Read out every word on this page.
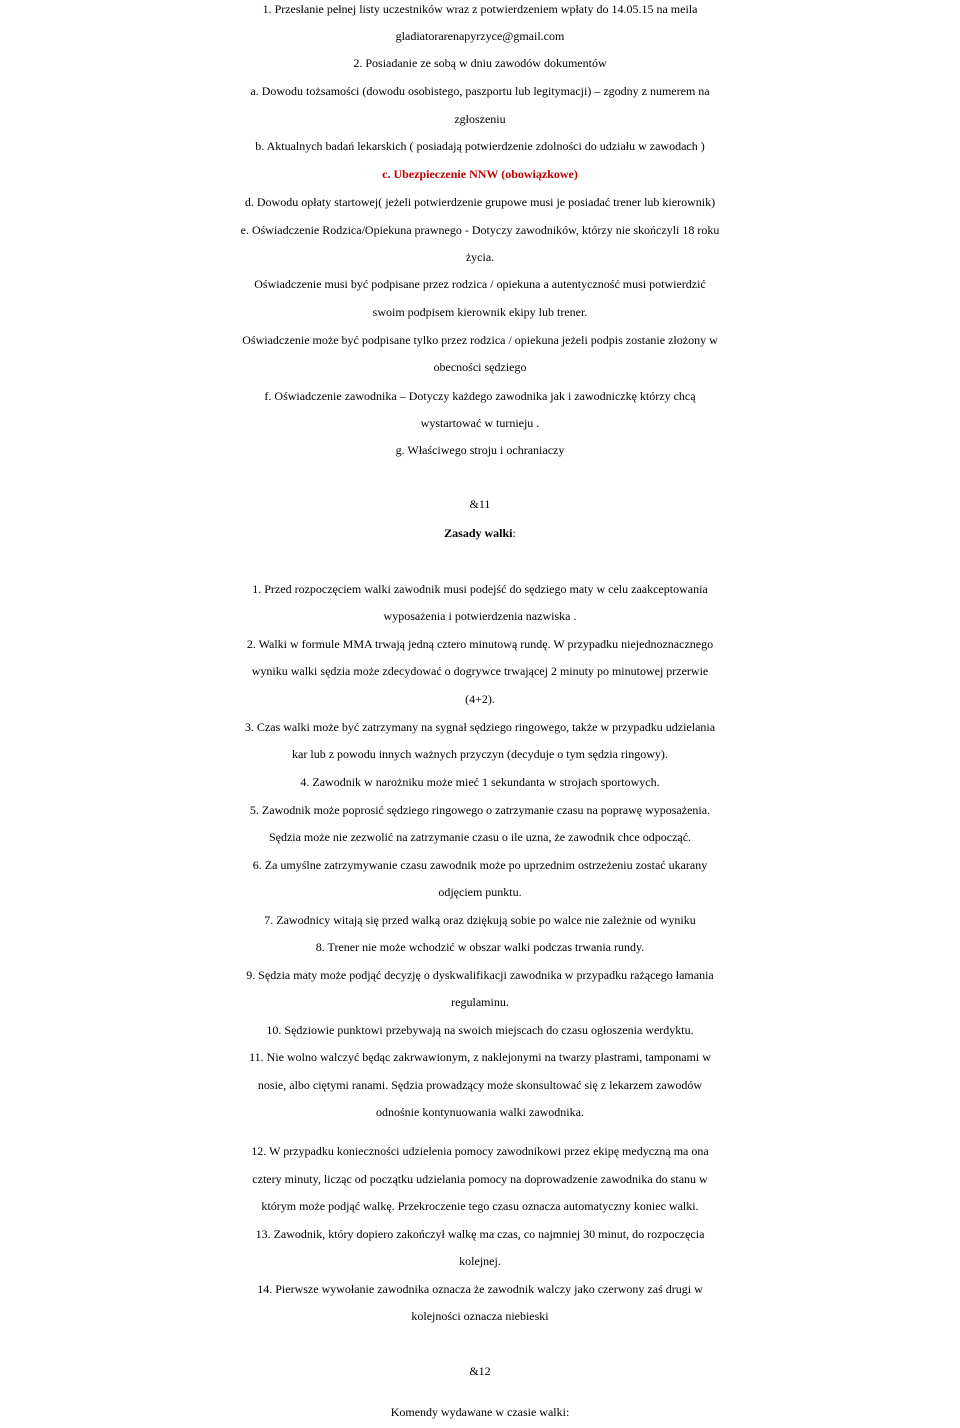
1. Przesłanie pełnej listy uczestników wraz z potwierdzeniem wpłaty do 14.05.15 na meila
gladiatorarenapyrzyce@gmail.com
2. Posiadanie ze sobą w dniu zawodów dokumentów
a. Dowodu tożsamości (dowodu osobistego, paszportu lub legitymacji) – zgodny z numerem na
zgłoszeniu
b. Aktualnych badań lekarskich ( posiadają potwierdzenie zdolności do udziału w zawodach )
c. Ubezpieczenie NNW (obowiązkowe)
d. Dowodu opłaty startowej( jeżeli potwierdzenie grupowe musi je posiadać trener lub kierownik)
e. Oświadczenie Rodzica/Opiekuna prawnego - Dotyczy zawodników, którzy nie skończyli 18 roku
życia.
Oświadczenie musi być podpisane przez rodzica / opiekuna a autentyczność musi potwierdzić
swoim podpisem kierownik ekipy lub trener.
Oświadczenie może być podpisane tylko przez rodzica / opiekuna jeżeli podpis zostanie złożony w
obecności sędziego
f. Oświadczenie zawodnika – Dotyczy każdego zawodnika jak i zawodniczkę którzy chcą
wystartować w turnieju .
g. Właściwego stroju i ochraniaczy
&11
Zasady walki:
1. Przed rozpoczęciem walki zawodnik musi podejść do sędziego maty w celu zaakceptowania
wyposażenia i potwierdzenia nazwiska .
2. Walki w formule MMA trwają jedną cztero minutową rundę. W przypadku niejednoznacznego
wyniku walki sędzia może zdecydować o dogrywce trwającej 2 minuty po minutowej przerwie
(4+2).
3. Czas walki może być zatrzymany na sygnał sędziego ringowego, także w przypadku udzielania
kar lub z powodu innych ważnych przyczyn (decyduje o tym sędzia ringowy).
4. Zawodnik w narożniku może mieć 1 sekundanta w strojach sportowych.
5. Zawodnik może poprosić sędziego ringowego o zatrzymanie czasu na poprawę wyposażenia.
Sędzia może nie zezwolić na zatrzymanie czasu o ile uzna, że zawodnik chce odpocząć.
6. Za umyślne zatrzymywanie czasu zawodnik może po uprzednim ostrzeżeniu zostać ukarany
odjęciem punktu.
7. Zawodnicy witają się przed walką oraz dziękują sobie po walce nie zależnie od wyniku
8. Trener nie może wchodzić w obszar walki podczas trwania rundy.
9. Sędzia maty może podjąć decyzję o dyskwalifikacji zawodnika w przypadku rażącego łamania
regulaminu.
10. Sędziowie punktowi przebywają na swoich miejscach do czasu ogłoszenia werdyktu.
11. Nie wolno walczyć będąc zakrwawionym, z naklejonymi na twarzy plastrami, tamponami w
nosie, albo ciętymi ranami. Sędzia prowadzący może skonsultować się z lekarzem zawodów
odnośnie kontynuowania walki zawodnika.
12. W przypadku konieczności udzielenia pomocy zawodnikowi przez ekipę medyczną ma ona
cztery minuty, licząc od początku udzielania pomocy na doprowadzenie zawodnika do stanu w
którym może podjąć walkę. Przekroczenie tego czasu oznacza automatyczny koniec walki.
13. Zawodnik, który dopiero zakończył walkę ma czas, co najmniej 30 minut, do rozpoczęcia
kolejnej.
14. Pierwsze wywołanie zawodnika oznacza że zawodnik walczy jako czerwony zaś drugi w
kolejności oznacza niebieski
&12
Komendy wydawane w czasie walki:
